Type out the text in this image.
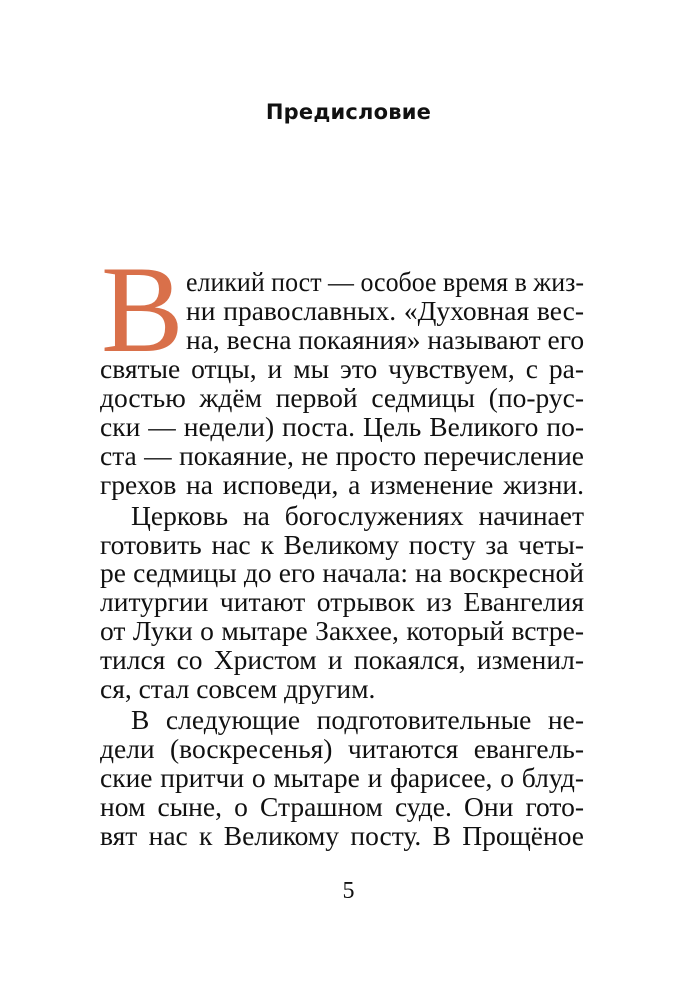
Предисловие
В еликий пост — особое время в жиз-
ни православных. «Духовная вес-
на, весна покаяния» называют его
святые отцы, и мы это чувствуем, с ра-
достью ждём первой седмицы (по-рус-
ски — недели) поста. Цель Великого по-
ста — покаяние, не просто перечисление
грехов на исповеди, а изменение жизни.
Церковь на богослужениях начинает
готовить нас к Великому посту за четы-
ре седмицы до его начала: на воскресной
литургии читают отрывок из Евангелия
от Луки о мытаре Закхее, который встре-
тился со Христом и покаялся, изменил-
ся, стал совсем другим.
В следующие подготовительные не-
дели (воскресенья) читаются евангель-
ские притчи о мытаре и фарисее, о блуд-
ном сыне, о Страшном суде. Они гото-
вят нас к Великому посту. В Прощёное
5
